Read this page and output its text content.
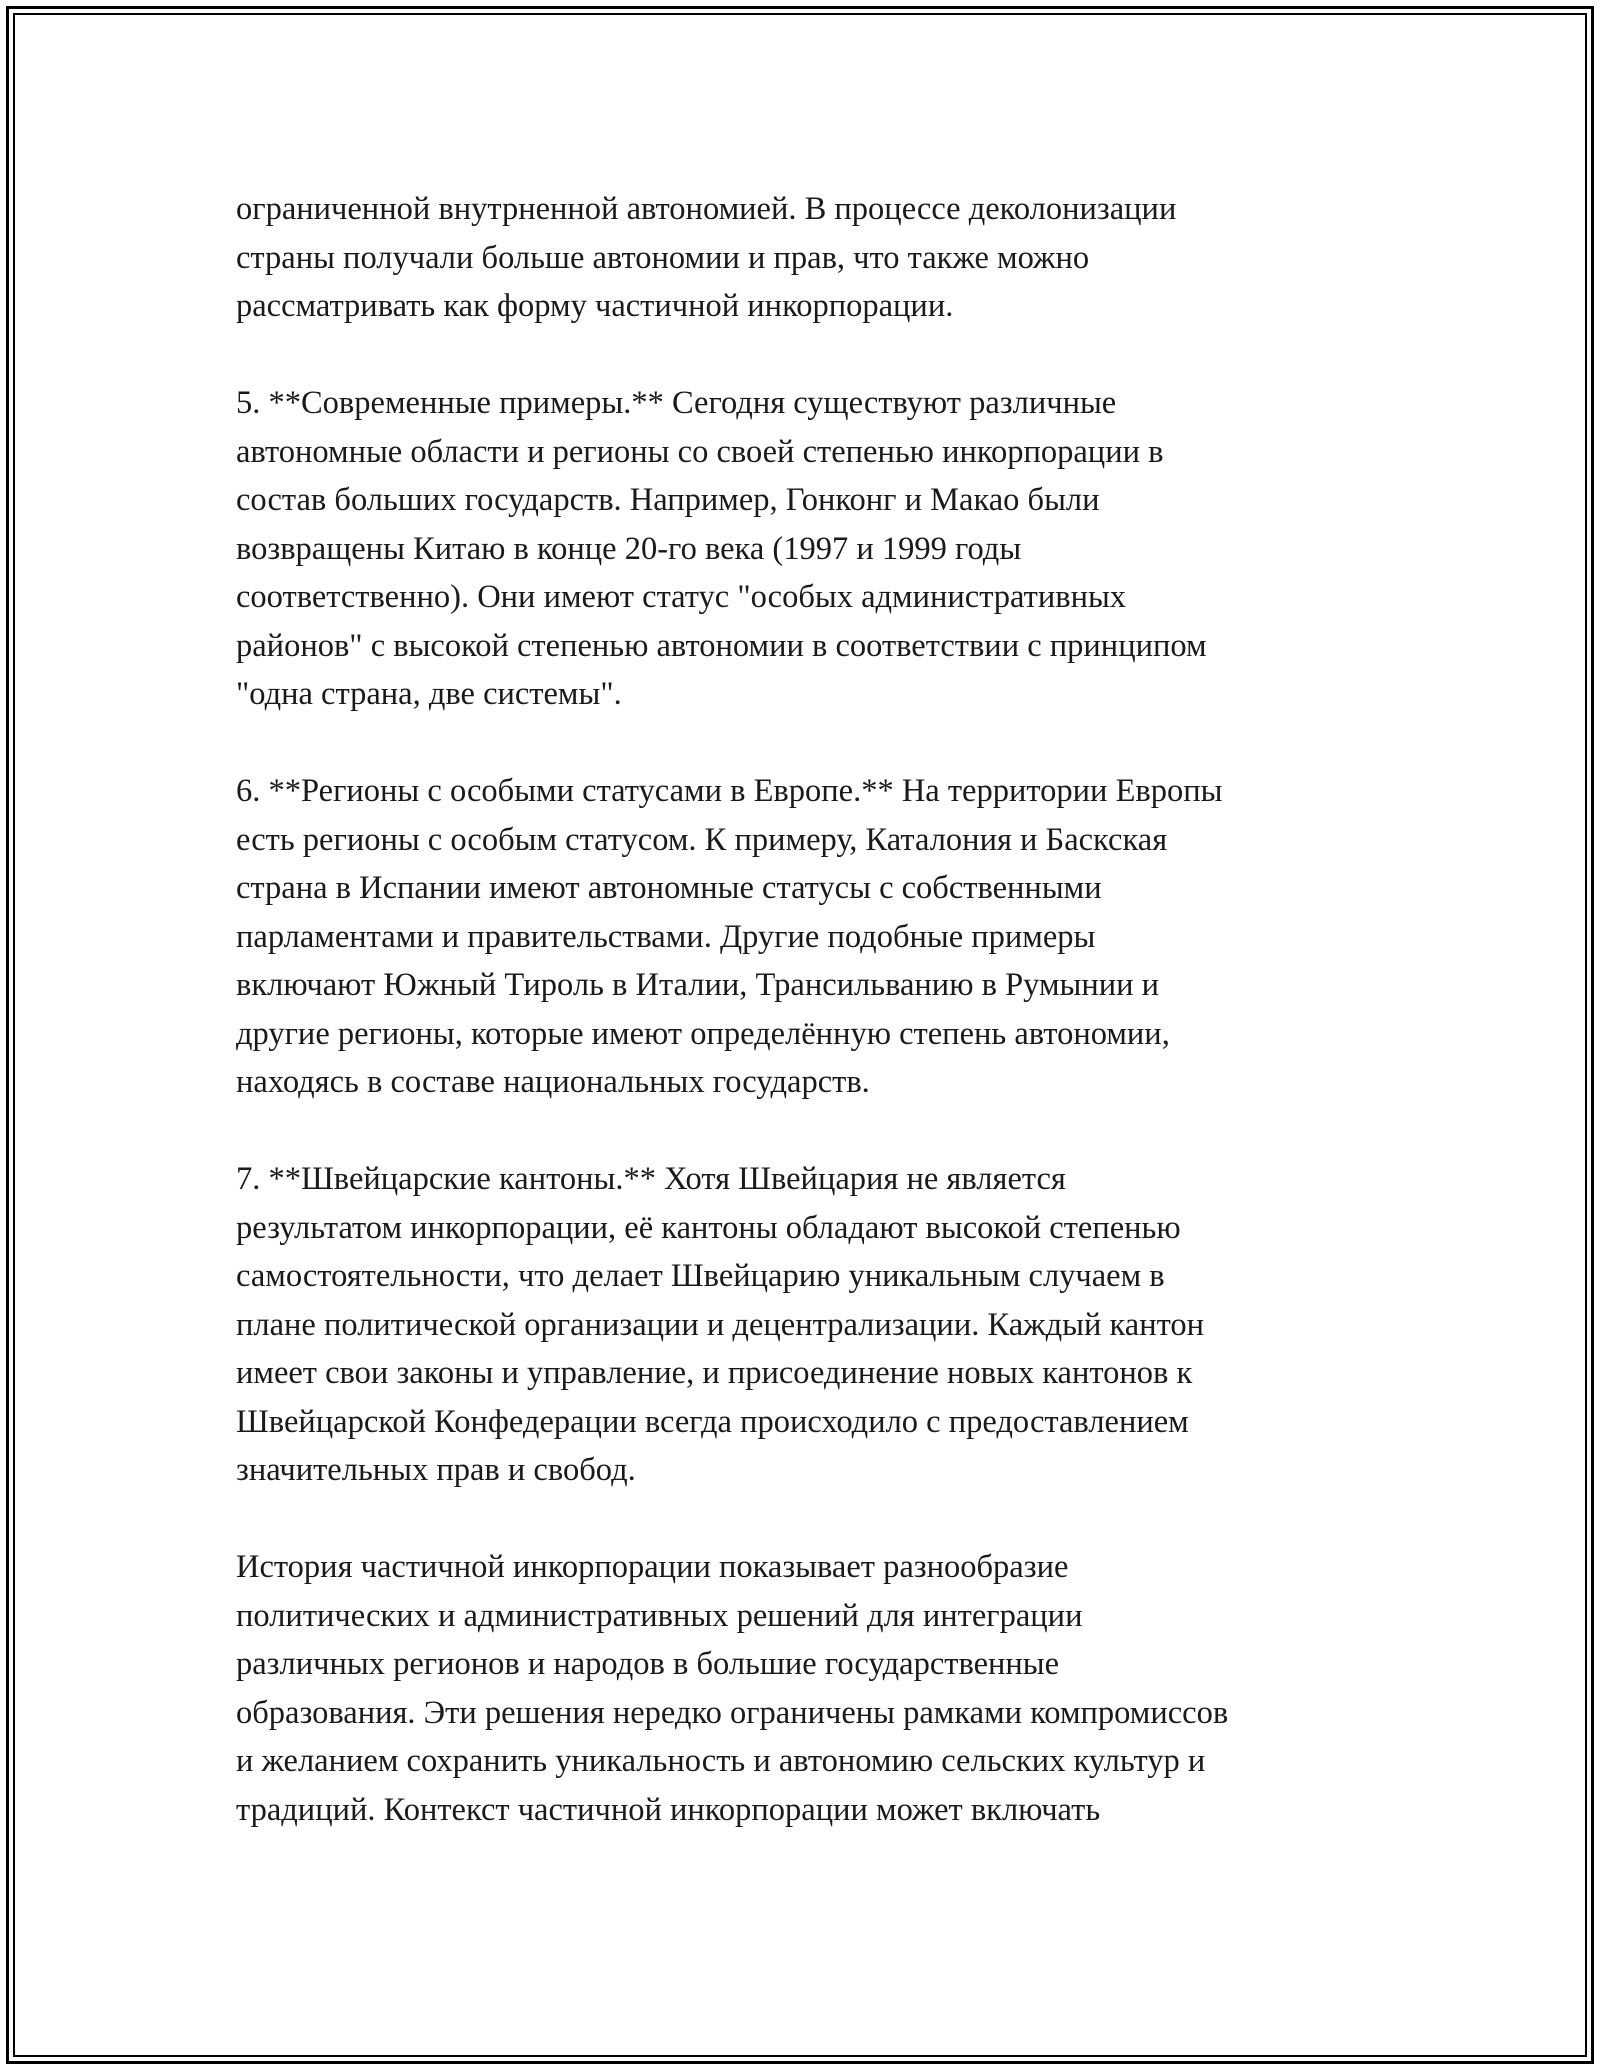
ограниченной внутрненной автономией. В процессе деколонизации
страны получали больше автономии и прав, что также можно
рассматривать как форму частичной инкорпорации.

5. **Современные примеры.** Сегодня существуют различные
автономные области и регионы со своей степенью инкорпорации в
состав больших государств. Например, Гонконг и Макао были
возвращены Китаю в конце 20-го века (1997 и 1999 годы
соответственно). Они имеют статус "особых административных
районов" с высокой степенью автономии в соответствии с принципом
"одна страна, две системы".

6. **Регионы с особыми статусами в Европе.** На территории Европы
есть регионы с особым статусом. К примеру, Каталония и Баскская
страна в Испании имеют автономные статусы с собственными
парламентами и правительствами. Другие подобные примеры
включают Южный Тироль в Италии, Трансильванию в Румынии и
другие регионы, которые имеют определённую степень автономии,
находясь в составе национальных государств.

7. **Швейцарские кантоны.** Хотя Швейцария не является
результатом инкорпорации, её кантоны обладают высокой степенью
самостоятельности, что делает Швейцарию уникальным случаем в
плане политической организации и децентрализации. Каждый кантон
имеет свои законы и управление, и присоединение новых кантонов к
Швейцарской Конфедерации всегда происходило с предоставлением
значительных прав и свобод.

История частичной инкорпорации показывает разнообразие
политических и административных решений для интеграции
различных регионов и народов в большие государственные
образования. Эти решения нередко ограничены рамками компромиссов
и желанием сохранить уникальность и автономию сельских культур и
традиций. Контекст частичной инкорпорации может включать
